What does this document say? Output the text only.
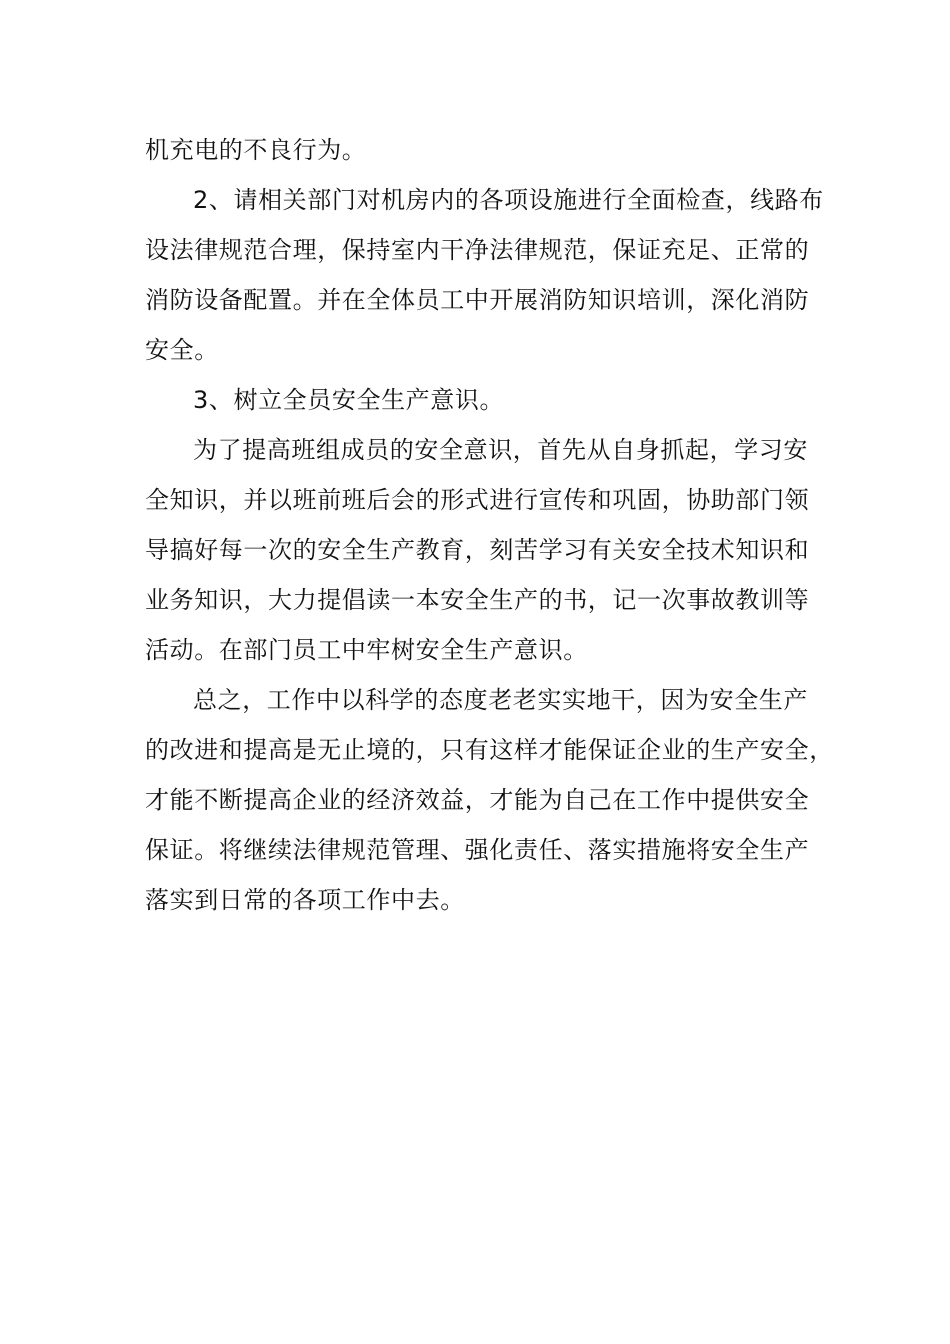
机充电的不良行为。
2、请相关部门对机房内的各项设施进行全面检查，线路布
设法律规范合理，保持室内干净法律规范，保证充足、正常的
消防设备配置。并在全体员工中开展消防知识培训，深化消防
安全。
3、树立全员安全生产意识。
为了提高班组成员的安全意识，首先从自身抓起，学习安
全知识，并以班前班后会的形式进行宣传和巩固，协助部门领
导搞好每一次的安全生产教育，刻苦学习有关安全技术知识和
业务知识，大力提倡读一本安全生产的书，记一次事故教训等
活动。在部门员工中牢树安全生产意识。
总之，工作中以科学的态度老老实实地干，因为安全生产
的改进和提高是无止境的，只有这样才能保证企业的生产安全，
才能不断提高企业的经济效益，才能为自己在工作中提供安全
保证。将继续法律规范管理、强化责任、落实措施将安全生产
落实到日常的各项工作中去。
